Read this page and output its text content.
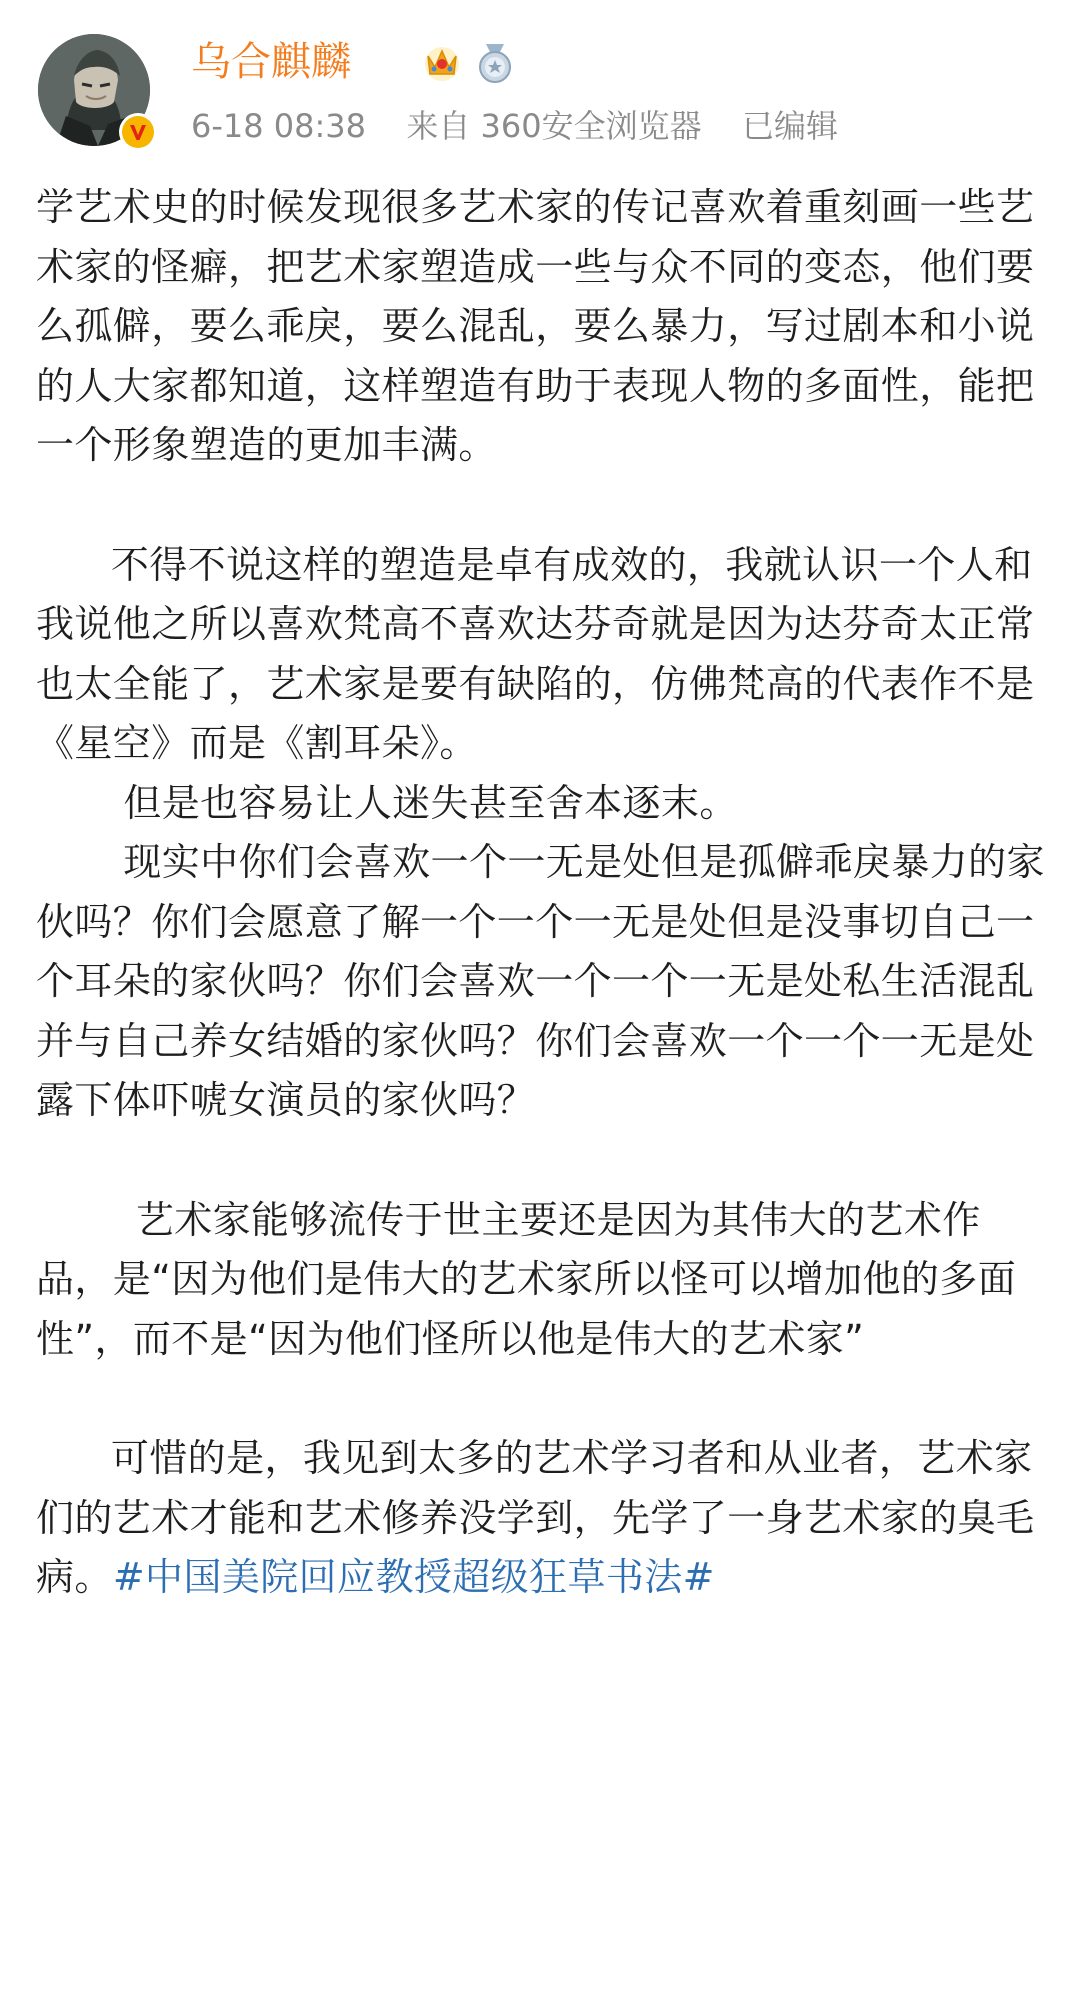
乌合麒麟
6-18 08:38 来自 360安全浏览器 已编辑

学艺术史的时候发现很多艺术家的传记喜欢着重刻画一些艺术家的怪癖，把艺术家塑造成一些与众不同的变态，他们要么孤僻，要么乖戾，要么混乱，要么暴力，写过剧本和小说的人大家都知道，这样塑造有助于表现人物的多面性，能把一个形象塑造的更加丰满。

不得不说这样的塑造是卓有成效的，我就认识一个人和我说他之所以喜欢梵高不喜欢达芬奇就是因为达芬奇太正常也太全能了，艺术家是要有缺陷的，仿佛梵高的代表作不是《星空》而是《割耳朵》。

但是也容易让人迷失甚至舍本逐末。

现实中你们会喜欢一个一无是处但是孤僻乖戾暴力的家伙吗？你们会愿意了解一个一个一无是处但是没事切自己一个耳朵的家伙吗？你们会喜欢一个一个一无是处私生活混乱并与自己养女结婚的家伙吗？你们会喜欢一个一个一无是处露下体吓唬女演员的家伙吗？

艺术家能够流传于世主要还是因为其伟大的艺术作品，是“因为他们是伟大的艺术家所以怪可以增加他的多面性”，而不是“因为他们怪所以他是伟大的艺术家”

可惜的是，我见到太多的艺术学习者和从业者，艺术家们的艺术才能和艺术修养没学到，先学了一身艺术家的臭毛病。#中国美院回应教授超级狂草书法#
